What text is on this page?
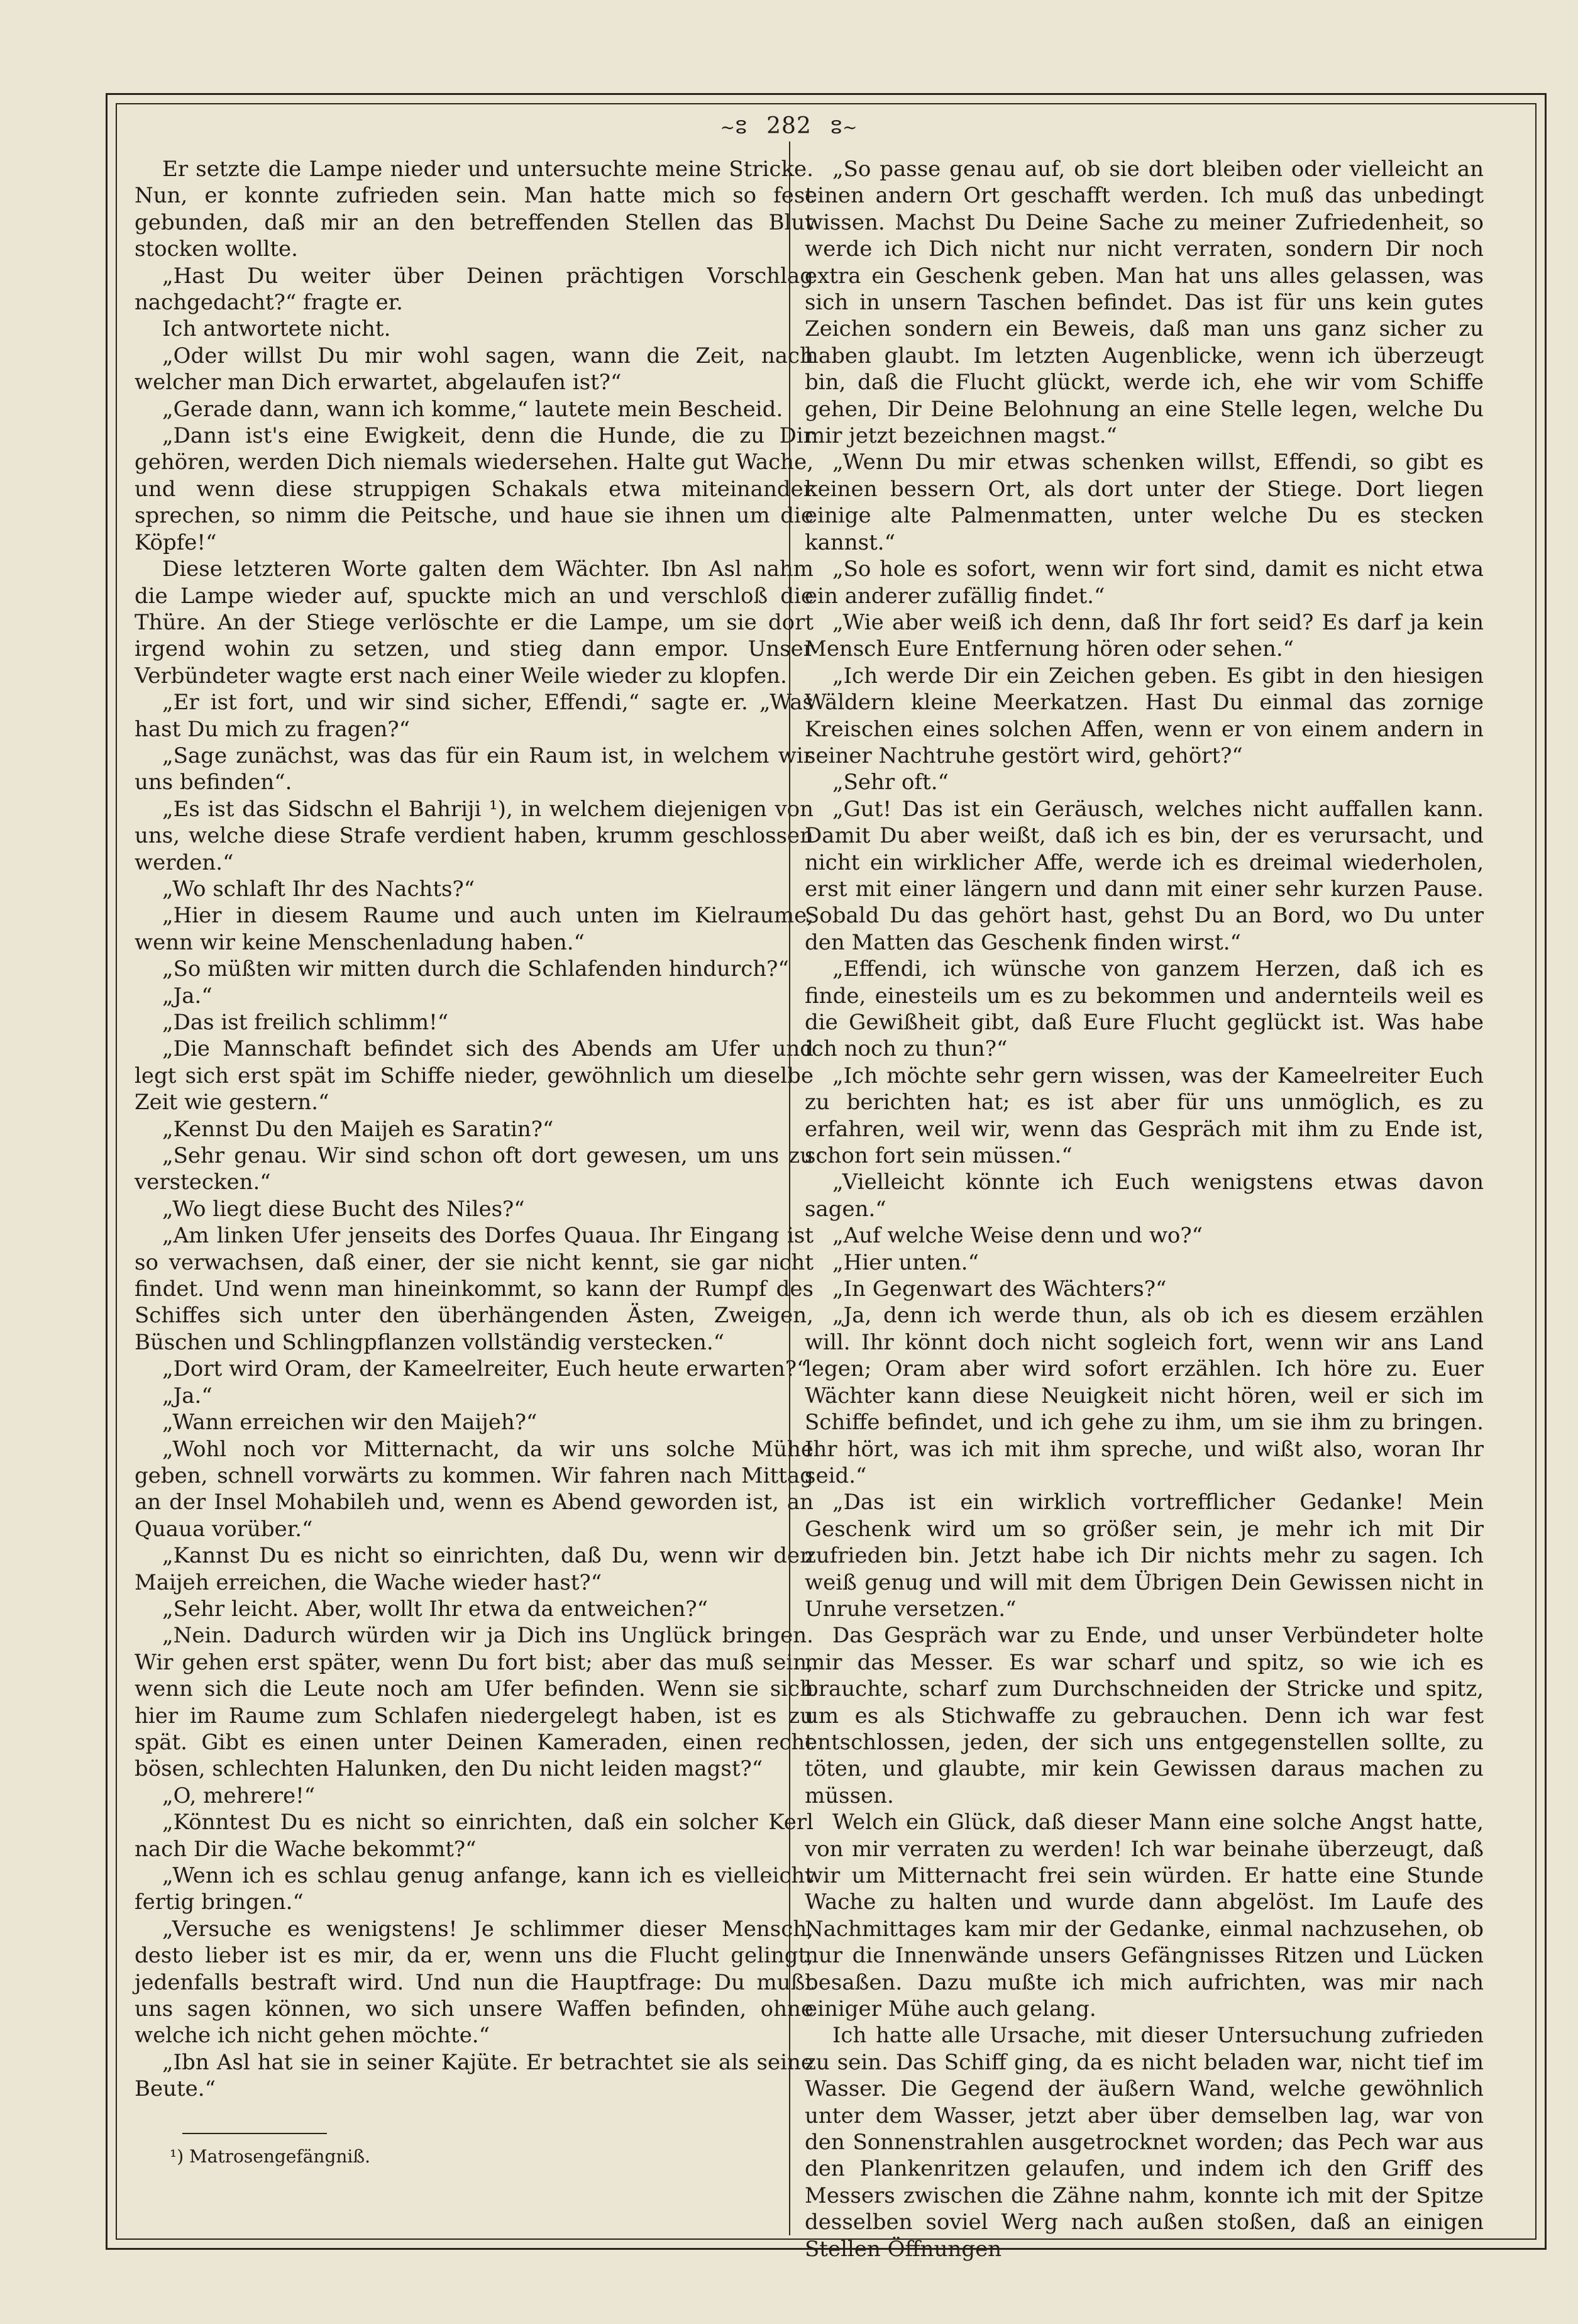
~ⵓ 282 ⵓ~

Er setzte die Lampe nieder und untersuchte meine Stricke. Nun, er konnte zufrieden sein. Man hatte mich so fest gebunden, daß mir an den betreffenden Stellen das Blut stocken wollte.

„Hast Du weiter über Deinen prächtigen Vorschlag nachgedacht?“ fragte er.

Ich antwortete nicht.

„Oder willst Du mir wohl sagen, wann die Zeit, nach welcher man Dich erwartet, abgelaufen ist?“

„Gerade dann, wann ich komme,“ lautete mein Bescheid.

„Dann ist's eine Ewigkeit, denn die Hunde, die zu Dir gehören, werden Dich niemals wiedersehen. Halte gut Wache, und wenn diese struppigen Schakals etwa miteinander sprechen, so nimm die Peitsche, und haue sie ihnen um die Köpfe!“

Diese letzteren Worte galten dem Wächter. Ibn Asl nahm die Lampe wieder auf, spuckte mich an und verschloß die Thüre. An der Stiege verlöschte er die Lampe, um sie dort irgend wohin zu setzen, und stieg dann empor. Unser Verbündeter wagte erst nach einer Weile wieder zu klopfen.

„Er ist fort, und wir sind sicher, Effendi,“ sagte er. „Was hast Du mich zu fragen?“

„Sage zunächst, was das für ein Raum ist, in welchem wir uns befinden“.

„Es ist das Sidschn el Bahriji ¹), in welchem diejenigen von uns, welche diese Strafe verdient haben, krumm geschlossen werden.“

„Wo schlaft Ihr des Nachts?“

„Hier in diesem Raume und auch unten im Kielraume, wenn wir keine Menschenladung haben.“

„So müßten wir mitten durch die Schlafenden hindurch?“

„Ja.“

„Das ist freilich schlimm!“

„Die Mannschaft befindet sich des Abends am Ufer und legt sich erst spät im Schiffe nieder, gewöhnlich um dieselbe Zeit wie gestern.“

„Kennst Du den Maijeh es Saratin?“

„Sehr genau. Wir sind schon oft dort gewesen, um uns zu verstecken.“

„Wo liegt diese Bucht des Niles?“

„Am linken Ufer jenseits des Dorfes Quaua. Ihr Eingang ist so verwachsen, daß einer, der sie nicht kennt, sie gar nicht findet. Und wenn man hineinkommt, so kann der Rumpf des Schiffes sich unter den überhängenden Ästen, Zweigen, Büschen und Schlingpflanzen vollständig verstecken.“

„Dort wird Oram, der Kameelreiter, Euch heute erwarten?“

„Ja.“

„Wann erreichen wir den Maijeh?“

„Wohl noch vor Mitternacht, da wir uns solche Mühe geben, schnell vorwärts zu kommen. Wir fahren nach Mittag an der Insel Mohabileh und, wenn es Abend geworden ist, an Quaua vorüber.“

„Kannst Du es nicht so einrichten, daß Du, wenn wir den Maijeh erreichen, die Wache wieder hast?“

„Sehr leicht. Aber, wollt Ihr etwa da entweichen?“

„Nein. Dadurch würden wir ja Dich ins Unglück bringen. Wir gehen erst später, wenn Du fort bist; aber das muß sein, wenn sich die Leute noch am Ufer befinden. Wenn sie sich hier im Raume zum Schlafen niedergelegt haben, ist es zu spät. Gibt es einen unter Deinen Kameraden, einen recht bösen, schlechten Halunken, den Du nicht leiden magst?“

„O, mehrere!“

„Könntest Du es nicht so einrichten, daß ein solcher Kerl nach Dir die Wache bekommt?“

„Wenn ich es schlau genug anfange, kann ich es vielleicht fertig bringen.“

„Versuche es wenigstens! Je schlimmer dieser Mensch, desto lieber ist es mir, da er, wenn uns die Flucht gelingt, jedenfalls bestraft wird. Und nun die Hauptfrage: Du mußt uns sagen können, wo sich unsere Waffen befinden, ohne welche ich nicht gehen möchte.“

„Ibn Asl hat sie in seiner Kajüte. Er betrachtet sie als seine Beute.“

„So passe genau auf, ob sie dort bleiben oder vielleicht an einen andern Ort geschafft werden. Ich muß das unbedingt wissen. Machst Du Deine Sache zu meiner Zufriedenheit, so werde ich Dich nicht nur nicht verraten, sondern Dir noch extra ein Geschenk geben. Man hat uns alles gelassen, was sich in unsern Taschen befindet. Das ist für uns kein gutes Zeichen sondern ein Beweis, daß man uns ganz sicher zu haben glaubt. Im letzten Augenblicke, wenn ich überzeugt bin, daß die Flucht glückt, werde ich, ehe wir vom Schiffe gehen, Dir Deine Belohnung an eine Stelle legen, welche Du mir jetzt bezeichnen magst.“

„Wenn Du mir etwas schenken willst, Effendi, so gibt es keinen bessern Ort, als dort unter der Stiege. Dort liegen einige alte Palmenmatten, unter welche Du es stecken kannst.“

„So hole es sofort, wenn wir fort sind, damit es nicht etwa ein anderer zufällig findet.“

„Wie aber weiß ich denn, daß Ihr fort seid? Es darf ja kein Mensch Eure Entfernung hören oder sehen.“

„Ich werde Dir ein Zeichen geben. Es gibt in den hiesigen Wäldern kleine Meerkatzen. Hast Du einmal das zornige Kreischen eines solchen Affen, wenn er von einem andern in seiner Nachtruhe gestört wird, gehört?“

„Sehr oft.“

„Gut! Das ist ein Geräusch, welches nicht auffallen kann. Damit Du aber weißt, daß ich es bin, der es verursacht, und nicht ein wirklicher Affe, werde ich es dreimal wiederholen, erst mit einer längern und dann mit einer sehr kurzen Pause. Sobald Du das gehört hast, gehst Du an Bord, wo Du unter den Matten das Geschenk finden wirst.“

„Effendi, ich wünsche von ganzem Herzen, daß ich es finde, einesteils um es zu bekommen und andernteils weil es die Gewißheit gibt, daß Eure Flucht geglückt ist. Was habe ich noch zu thun?“

„Ich möchte sehr gern wissen, was der Kameelreiter Euch zu berichten hat; es ist aber für uns unmöglich, es zu erfahren, weil wir, wenn das Gespräch mit ihm zu Ende ist, schon fort sein müssen.“

„Vielleicht könnte ich Euch wenigstens etwas davon sagen.“

„Auf welche Weise denn und wo?“

„Hier unten.“

„In Gegenwart des Wächters?“

„Ja, denn ich werde thun, als ob ich es diesem erzählen will. Ihr könnt doch nicht sogleich fort, wenn wir ans Land legen; Oram aber wird sofort erzählen. Ich höre zu. Euer Wächter kann diese Neuigkeit nicht hören, weil er sich im Schiffe befindet, und ich gehe zu ihm, um sie ihm zu bringen. Ihr hört, was ich mit ihm spreche, und wißt also, woran Ihr seid.“

„Das ist ein wirklich vortrefflicher Gedanke! Mein Geschenk wird um so größer sein, je mehr ich mit Dir zufrieden bin. Jetzt habe ich Dir nichts mehr zu sagen. Ich weiß genug und will mit dem Übrigen Dein Gewissen nicht in Unruhe versetzen.“

Das Gespräch war zu Ende, und unser Verbündeter holte mir das Messer. Es war scharf und spitz, so wie ich es brauchte, scharf zum Durchschneiden der Stricke und spitz, um es als Stichwaffe zu gebrauchen. Denn ich war fest entschlossen, jeden, der sich uns entgegenstellen sollte, zu töten, und glaubte, mir kein Gewissen daraus machen zu müssen.

Welch ein Glück, daß dieser Mann eine solche Angst hatte, von mir verraten zu werden! Ich war beinahe überzeugt, daß wir um Mitternacht frei sein würden. Er hatte eine Stunde Wache zu halten und wurde dann abgelöst. Im Laufe des Nachmittages kam mir der Gedanke, einmal nachzusehen, ob nur die Innenwände unsers Gefängnisses Ritzen und Lücken besaßen. Dazu mußte ich mich aufrichten, was mir nach einiger Mühe auch gelang.

Ich hatte alle Ursache, mit dieser Untersuchung zufrieden zu sein. Das Schiff ging, da es nicht beladen war, nicht tief im Wasser. Die Gegend der äußern Wand, welche gewöhnlich unter dem Wasser, jetzt aber über demselben lag, war von den Sonnenstrahlen ausgetrocknet worden; das Pech war aus den Plankenritzen gelaufen, und indem ich den Griff des Messers zwischen die Zähne nahm, konnte ich mit der Spitze desselben soviel Werg nach außen stoßen, daß an einigen Stellen Öffnungen

¹) Matrosengefängniß.
